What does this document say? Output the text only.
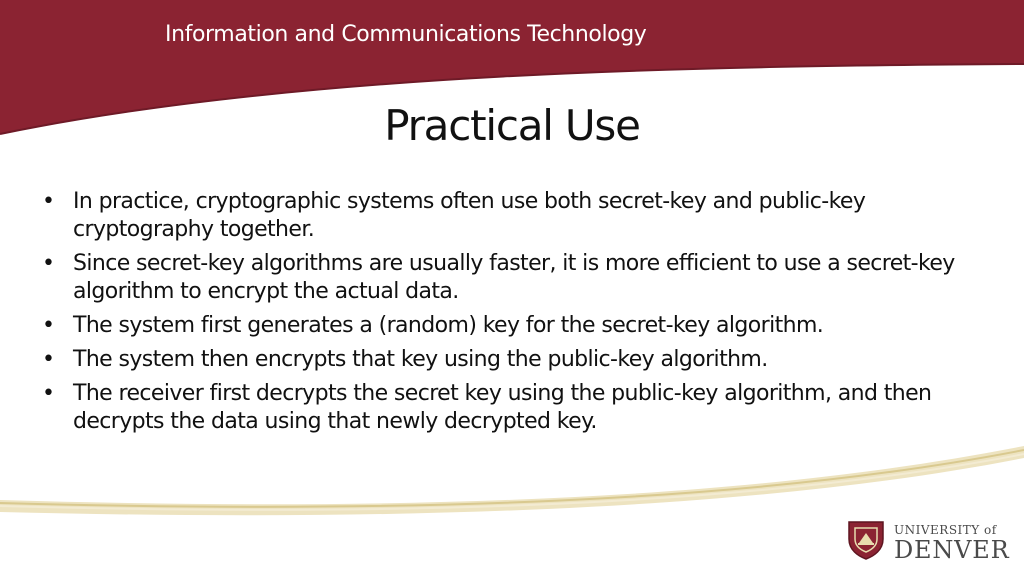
Information and Communications Technology
Practical Use
• In practice, cryptographic systems often use both secret-key and public-key cryptography together.
• Since secret-key algorithms are usually faster, it is more efficient to use a secret-key algorithm to encrypt the actual data.
• The system first generates a (random) key for the secret-key algorithm.
• The system then encrypts that key using the public-key algorithm.
• The receiver first decrypts the secret key using the public-key algorithm, and then decrypts the data using that newly decrypted key.
UNIVERSITY of
DENVER
